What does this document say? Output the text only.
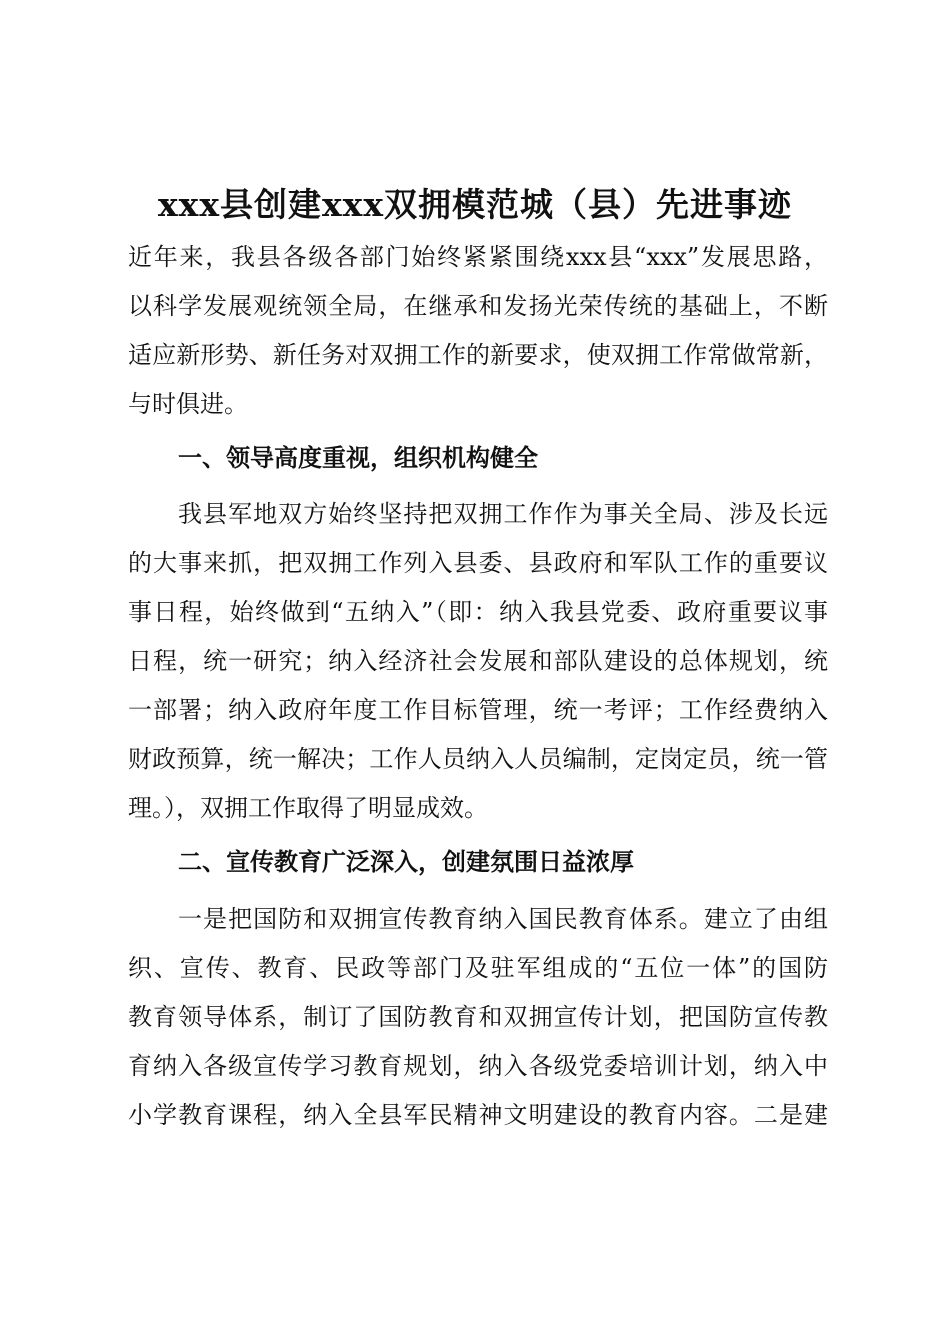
xxx县创建xxx双拥模范城（县）先进事迹
近年来，我县各级各部门始终紧紧围绕xxx县“xxx”发展思路，
以科学发展观统领全局，在继承和发扬光荣传统的基础上，不断
适应新形势、新任务对双拥工作的新要求，使双拥工作常做常新，
与时俱进。
一、领导高度重视，组织机构健全
我县军地双方始终坚持把双拥工作作为事关全局、涉及长远
的大事来抓，把双拥工作列入县委、县政府和军队工作的重要议
事日程，始终做到“五纳入”（即：纳入我县党委、政府重要议事
日程，统一研究；纳入经济社会发展和部队建设的总体规划，统
一部署；纳入政府年度工作目标管理，统一考评；工作经费纳入
财政预算，统一解决；工作人员纳入人员编制，定岗定员，统一管
理。），双拥工作取得了明显成效。
二、宣传教育广泛深入，创建氛围日益浓厚
一是把国防和双拥宣传教育纳入国民教育体系。建立了由组
织、宣传、教育、民政等部门及驻军组成的“五位一体”的国防
教育领导体系，制订了国防教育和双拥宣传计划，把国防宣传教
育纳入各级宣传学习教育规划，纳入各级党委培训计划，纳入中
小学教育课程，纳入全县军民精神文明建设的教育内容。二是建
